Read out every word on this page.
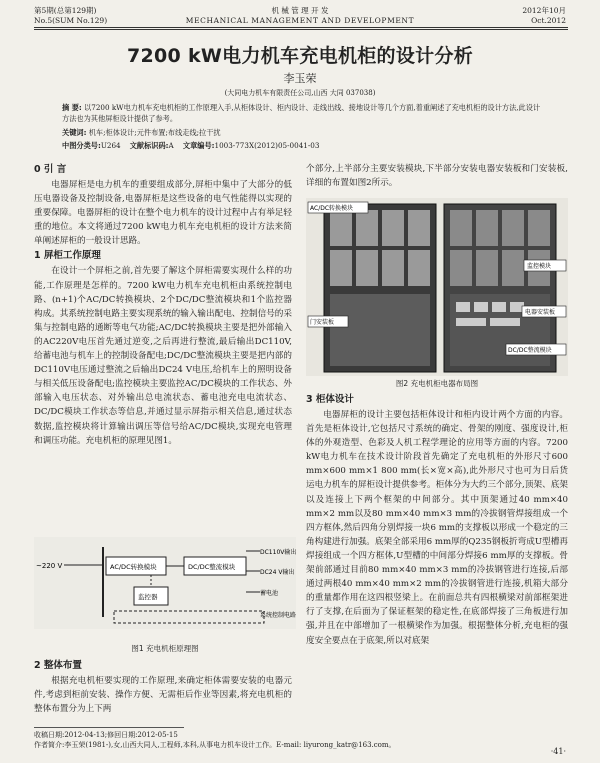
第5期(总第129期)
No.5(SUM No.129)
机 械 管 理 开 发
MECHANICAL MANAGEMENT AND DEVELOPMENT
2012年10月
Oct.2012
7200 kW电力机车充电机柜的设计分析
李玉荣
(大同电力机车有限责任公司,山西 大同 037038)
摘 要: 以7200 kW电力机车充电机柜的工作原理入手,从柜体设计、柜内设计、走线出线、接地设计等几个方面,着重阐述了充电机柜的设计方法,此设计方法也为其他屏柜设计提供了参考。
关键词: 机车;柜体设计;元件布置;布线走线;拉干扰
中图分类号:U264 文献标识码:A 文章编号:1003-773X(2012)05-0041-03
0 引 言

电器屏柜是电力机车的重要组成部分,屏柜中集中了大部分的低压电器设备及控制设备,电器屏柜是这些设备的电气性能得以实现的重要保障。电器屏柜的设计在整个电力机车的设计过程中占有举足轻重的地位。本文将通过7200 kW电力机车充电机柜的设计方法来简单阐述屏柜的一般设计思路。

1 屏柜工作原理

在设计一个屏柜之前,首先要了解这个屏柜需要实现什么样的功能,工作原理是怎样的。7200 kW电力机车充电机柜由系统控制电路、(n+1)个AC/DC转换模块、2个DC/DC整流模块和1个监控器构成。其系统控制电路主要实现系统的输入输出配电、控制信号的采集与控制电路的通断等电气功能;AC/DC转换模块主要是把外部输入的AC220V电压首先通过逆变,之后再进行整流,最后输出DC110V,给蓄电池与机车上的控制设备配电;DC/DC整流模块主要是把内部的DC110V电压通过整流之后输出DC24 V电压,给机车上的照明设备与相关低压设备配电;监控模块主要监控AC/DC模块的工作状态、外部输入电压状态、对外输出总电流状态、蓄电池充电电流状态、DC/DC模块工作状态等信息,并通过显示屏指示相关信息,通过状态数据,监控模块将计算输出调压等信号给AC/DC模块,实现充电管理和调压功能。充电机柜的原理见图1。

~220 V	AC/DC转换模块	DC/DC整流模块
DC110V输出
DC24 V输出
监控器	蓄电池
系统控制电路
图1 充电机柜原理图
2 整体布置

根据充电机柜要实现的工作原理,来确定柜体需要安装的电器元件,考虑到柜前安装、操作方便、无需柜后作业等因素,将充电机柜的整体布置分为上下两

个部分,上半部分主要安装模块,下半部分安装电器安装板和门安装板,详细的布置如图2所示。

AC/DC转换模块
监控模块
门安装板
电器安装板
DC/DC整流模块
图2 充电机柜电器布局图
3 柜体设计

电器屏柜的设计主要包括柜体设计和柜内设计两个方面的内容。首先是柜体设计,它包括尺寸系统的确定、骨架的刚度、强度设计,柜体的外观造型、色彩及人机工程学理论的应用等方面的内容。7200 kW电力机车在技术设计阶段首先确定了充电机柜的外形尺寸600 mm×600 mm×1 800 mm(长×宽×高),此外形尺寸也可为日后货运电力机车的屏柜设计提供参考。柜体分为大约三个部分,顶架、底架以及连接上下两个框架的中间部分。其中顶架通过40 mm×40 mm×2 mm以及80 mm×40 mm×3 mm的冷拔钢管焊接组成一个四方框体,然后四角分别焊接一块6 mm的支撑板以形成一个稳定的三角构建进行加强。底架全部采用6 mm厚的Q235钢板折弯成U型槽再焊接组成一个四方框体,U型槽的中间部分焊接6 mm厚的支撑板。骨架前部通过目前80 mm×40 mm×3 mm的冷拔钢管进行连接,后部通过两根40 mm×40 mm×2 mm的冷拔钢管进行连接,机箱大部分的重量都作用在这四根竖梁上。在前面总共有四根横梁对前部框架进行了支撑,在后面为了保证框架的稳定性,在底部焊接了三角板进行加强,并且在中部增加了一根横梁作为加强。根据整体分析,充电柜的强度安全要点在于底架,所以对底架

收稿日期:2012-04-13;修回日期:2012-05-15
作者简介:李玉荣(1981-),女,山西大同人,工程师,本科,从事电力机车设计工作。E-mail: liyurong_katr@163.com。
·41·
